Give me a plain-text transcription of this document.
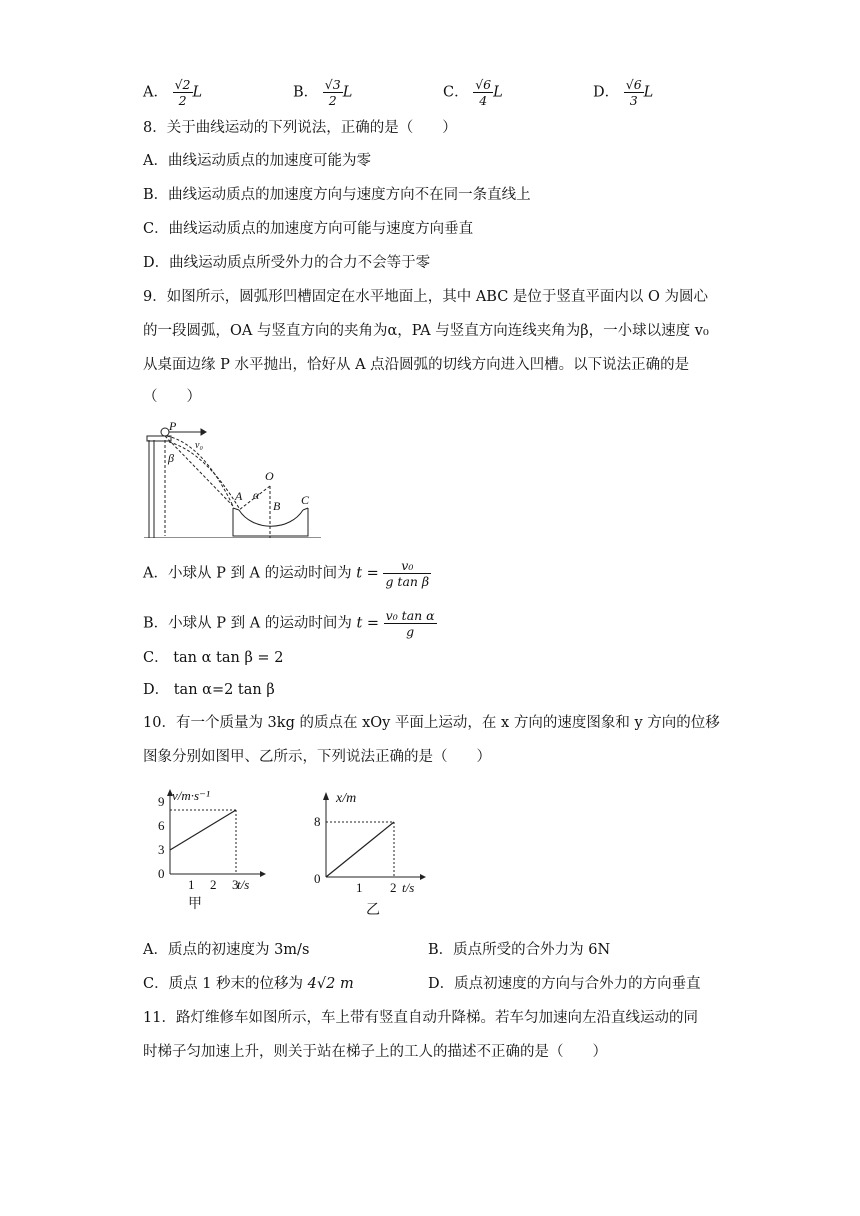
A． $\frac{√2}{2}$ L	B． $\frac{√3}{2}$ L	C． $\frac{√6}{4}$ L	D． $\frac{√6}{3}$ L
8．关于曲线运动的下列说法，正确的是（　　）
A．曲线运动质点的加速度可能为零
B．曲线运动质点的加速度方向与速度方向不在同一条直线上
C．曲线运动质点的加速度方向可能与速度方向垂直
D．曲线运动质点所受外力的合力不会等于零
9．如图所示，圆弧形凹槽固定在水平地面上，其中 ABC 是位于竖直平面内以 O 为圆心
的一段圆弧，OA 与竖直方向的夹角为α，PA 与竖直方向连线夹角为β，一小球以速度 v₀
从桌面边缘 P 水平抛出，恰好从 A 点沿圆弧的切线方向进入凹槽。以下说法正确的是
（　　）
P
v₀
β
O
A α
B C
A．小球从 P 到 A 的运动时间为 $t = \frac{\text{v₀}}{\text{g tan β}}$
B．小球从 P 到 A 的运动时间为 $t = \frac{\text{v₀ tan α}}{g}$
C． tan α tan β = 2
D． tan α=2 tan β
10．有一个质量为 3kg 的质点在 xOy 平面上运动，在 x 方向的速度图象和 y 方向的位移
图象分别如图甲、乙所示，下列说法正确的是（　　）
0
3
6
9
1 2 3
v/m·s⁻¹
t/s
甲
8
1 2
0
x/m
t/s
乙
A．质点的初速度为 3m/s	B．质点所受的合外力为 6N
C．质点 1 秒末的位移为 4√2 m	D．质点初速度的方向与合外力的方向垂直
11．路灯维修车如图所示，车上带有竖直自动升降梯。若车匀加速向左沿直线运动的同
时梯子匀加速上升，则关于站在梯子上的工人的描述不正确的是（　　）
